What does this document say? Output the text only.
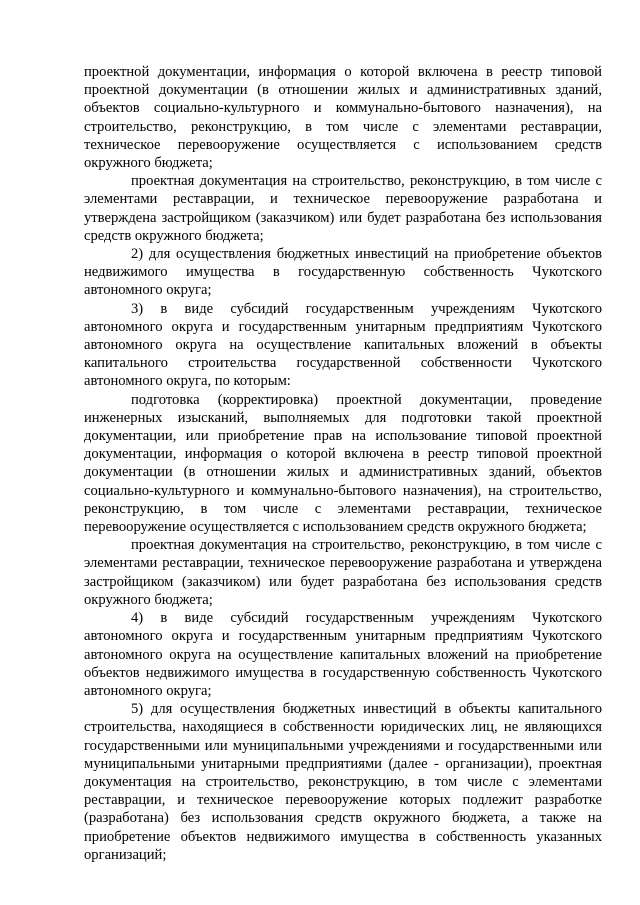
проектной документации, информация о которой включена в реестр типовой проектной документации (в отношении жилых и административных зданий, объектов социально-культурного и коммунально-бытового назначения), на строительство, реконструкцию, в том числе с элементами реставрации, техническое перевооружение осуществляется с использованием средств окружного бюджета;

проектная документация на строительство, реконструкцию, в том числе с элементами реставрации, и техническое перевооружение разработана и утверждена застройщиком (заказчиком) или будет разработана без использования средств окружного бюджета;

2) для осуществления бюджетных инвестиций на приобретение объектов недвижимого имущества в государственную собственность Чукотского автономного округа;

3) в виде субсидий государственным учреждениям Чукотского автономного округа и государственным унитарным предприятиям Чукотского автономного округа на осуществление капитальных вложений в объекты капитального строительства государственной собственности Чукотского автономного округа, по которым:

подготовка (корректировка) проектной документации, проведение инженерных изысканий, выполняемых для подготовки такой проектной документации, или приобретение прав на использование типовой проектной документации, информация о которой включена в реестр типовой проектной документации (в отношении жилых и административных зданий, объектов социально-культурного и коммунально-бытового назначения), на строительство, реконструкцию, в том числе с элементами реставрации, техническое перевооружение осуществляется с использованием средств окружного бюджета;

проектная документация на строительство, реконструкцию, в том числе с элементами реставрации, техническое перевооружение разработана и утверждена застройщиком (заказчиком) или будет разработана без использования средств окружного бюджета;

4) в виде субсидий государственным учреждениям Чукотского автономного округа и государственным унитарным предприятиям Чукотского автономного округа на осуществление капитальных вложений на приобретение объектов недвижимого имущества в государственную собственность Чукотского автономного округа;

5) для осуществления бюджетных инвестиций в объекты капитального строительства, находящиеся в собственности юридических лиц, не являющихся государственными или муниципальными учреждениями и государственными или муниципальными унитарными предприятиями (далее - организации), проектная документация на строительство, реконструкцию, в том числе с элементами реставрации, и техническое перевооружение которых подлежит разработке (разработана) без использования средств окружного бюджета, а также на приобретение объектов недвижимого имущества в собственность указанных организаций;
